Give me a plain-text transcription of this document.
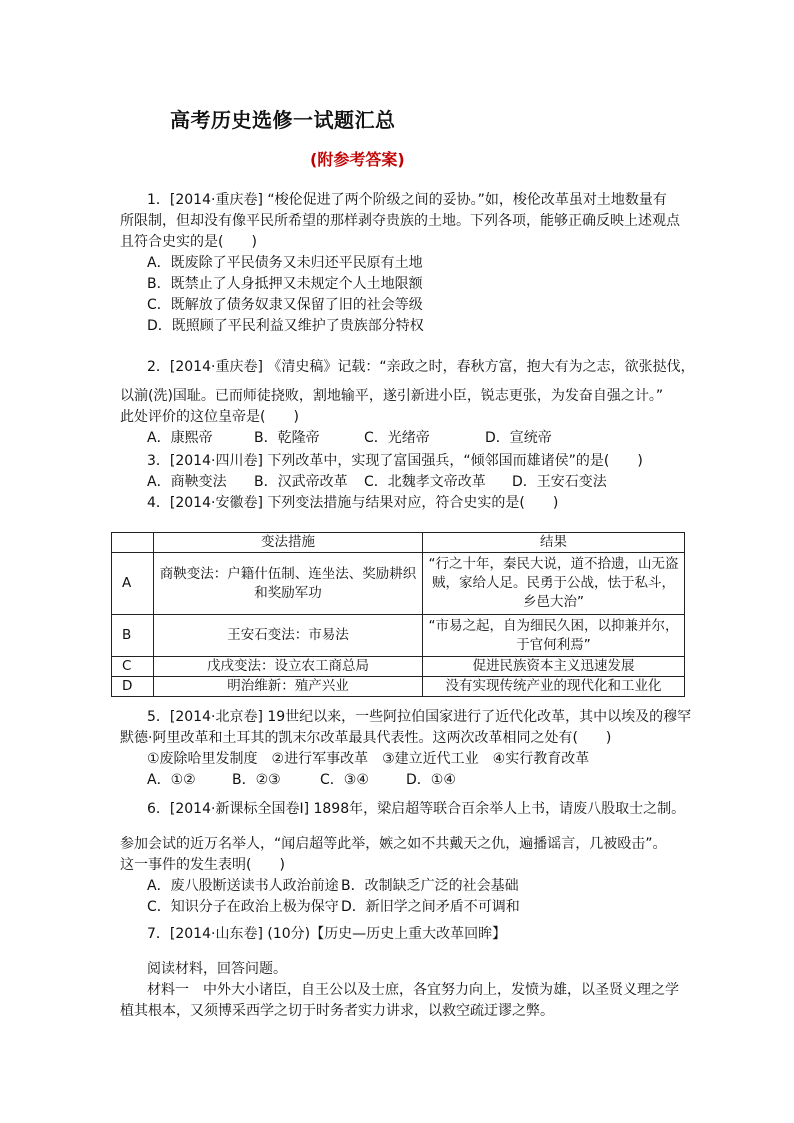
高考历史选修一试题汇总
(附参考答案)

1．[2014·重庆卷] “梭伦促进了两个阶级之间的妥协。”如，梭伦改革虽对土地数量有

所限制，但却没有像平民所希望的那样剥夺贵族的土地。下列各项，能够正确反映上述观点

且符合史实的是(　　)

A．既废除了平民债务又未归还平民原有土地

B．既禁止了人身抵押又未规定个人土地限额

C．既解放了债务奴隶又保留了旧的社会等级

D．既照顾了平民利益又维护了贵族部分特权

2．[2014·重庆卷] 《清史稿》记载：“亲政之时，春秋方富，抱大有为之志，欲张挞伐，

以湔(洗)国耻。已而师徒挠败，割地输平，遂引新进小臣，锐志更张，为发奋自强之计。”

此处评价的这位皇帝是(　　)

A．康熙帝	B．乾隆帝	C．光绪帝	D．宣统帝

3．[2014·四川卷] 下列改革中，实现了富国强兵，“倾邻国而雄诸侯”的是(　　)

A．商鞅变法 B．汉武帝改革 C．北魏孝文帝改革 D．王安石变法

4．[2014·安徽卷] 下列变法措施与结果对应，符合史实的是(　　)

	变法措施	结果
A	商鞅变法：户籍什伍制、连坐法、奖励耕织和奖励军功	“行之十年，秦民大说，道不拾遗，山无盗贼，家给人足。民勇于公战，怯于私斗，乡邑大治”
B	王安石变法：市易法	“市易之起，自为细民久困，以抑兼并尔，于官何利焉”
C	戊戌变法：设立农工商总局	促进民族资本主义迅速发展
D	明治维新：殖产兴业	没有实现传统产业的现代化和工业化

5．[2014·北京卷] 19世纪以来，一些阿拉伯国家进行了近代化改革，其中以埃及的穆罕

默德·阿里改革和土耳其的凯末尔改革最具代表性。这两次改革相同之处有(　　)

①废除哈里发制度　②进行军事改革　③建立近代工业　④实行教育改革

A．①②	B．②③	C．③④	D．①④

6．[2014·新课标全国卷Ⅰ] 1898年，梁启超等联合百余举人上书，请废八股取士之制。

参加会试的近万名举人，“闻启超等此举，嫉之如不共戴天之仇，遍播谣言，几被殴击”。

这一事件的发生表明(　　)

A．废八股断送读书人政治前途 B．改制缺乏广泛的社会基础

C．知识分子在政治上极为保守 D．新旧学之间矛盾不可调和

7．[2014·山东卷] (10分)【历史—历史上重大改革回眸】

阅读材料，回答问题。

材料一　中外大小诸臣，自王公以及士庶，各宜努力向上，发愤为雄，以圣贤义理之学

植其根本，又须博采西学之切于时务者实力讲求，以救空疏迂谬之弊。
